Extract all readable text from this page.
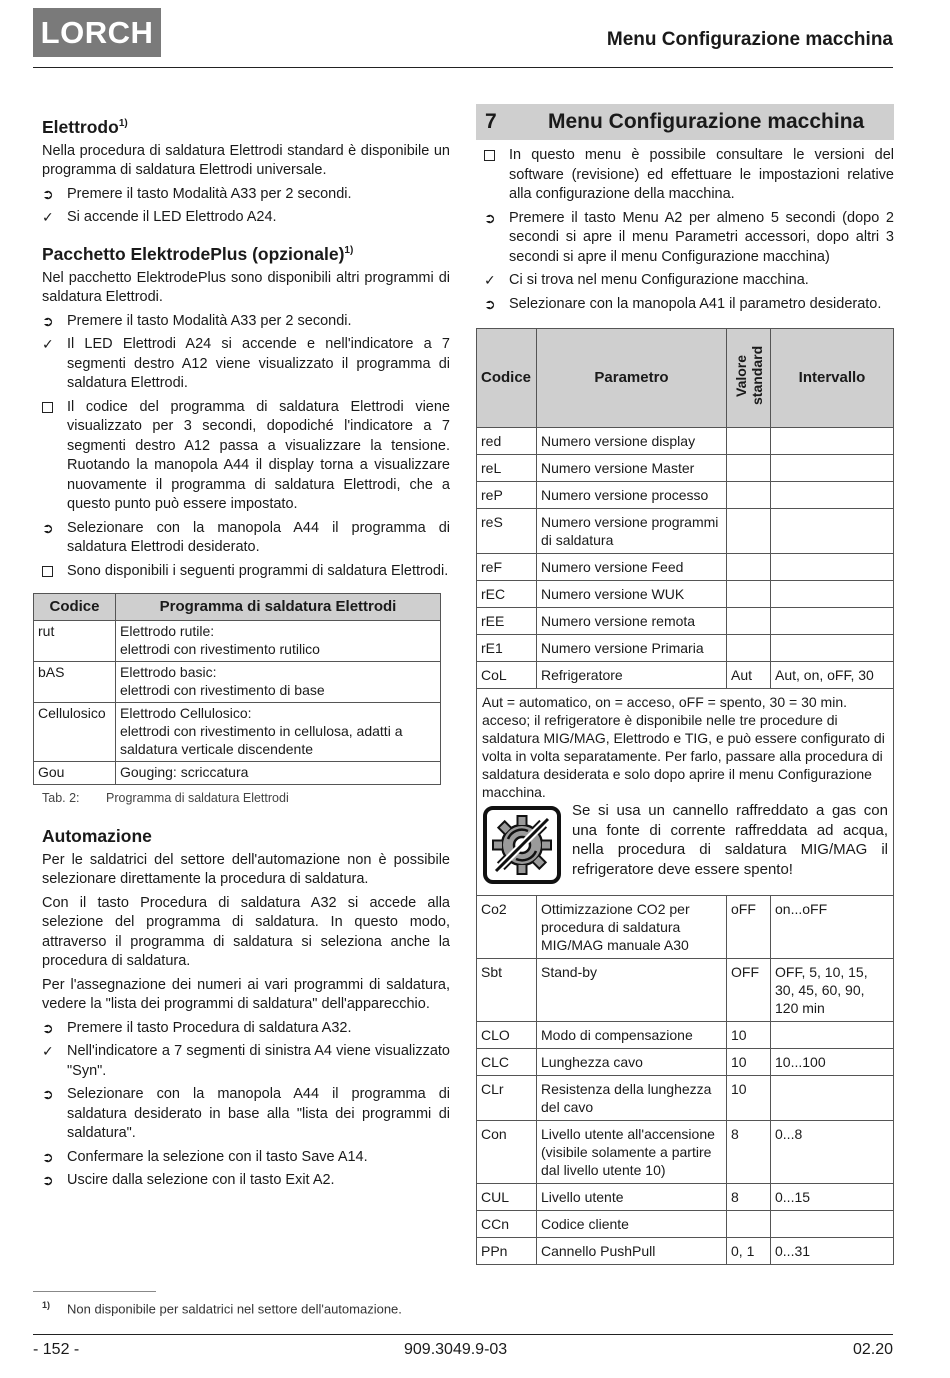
LORCH	Menu Configurazione macchina
Elettrodo$^{1)}$

Nella procedura di saldatura Elettrodi standard è disponibile un programma di saldatura Elettrodi universale.

➲ Premere il tasto Modalità A33 per 2 secondi.
✓ Si accende il LED Elettrodo A24.
Pacchetto ElektrodePlus (opzionale)$^{1)}$

Nel pacchetto ElektrodePlus sono disponibili altri programmi di saldatura Elettrodi.

➲ Premere il tasto Modalità A33 per 2 secondi.
✓ Il LED Elettrodi A24 si accende e nell'indicatore a 7 segmenti destro A12 viene visualizzato il programma di saldatura Elettrodi.
Il codice del programma di saldatura Elettrodi viene visualizzato per 3 secondi, dopodiché l'indicatore a 7 segmenti destro A12 passa a visualizzare la tensione. Ruotando la manopola A44 il display torna a visualizzare nuovamente il programma di saldatura Elettrodi, che a questo punto può essere impostato.
➲ Selezionare con la manopola A44 il programma di saldatura Elettrodi desiderato.
Sono disponibili i seguenti programmi di saldatura Elettrodi.
Codice	Programma di saldatura Elettrodi
rut	Elettrodo rutile:
elettrodi con rivestimento rutilico

bAS	Elettrodo basic:
elettrodi con rivestimento di base

Cellulosico	Elettrodo Cellulosico:
elettrodi con rivestimento in cellulosa, adatti a saldatura verticale discendente

Gou	Gouging: scriccatura
Tab. 2: Programma di saldatura Elettrodi
Automazione

Per le saldatrici del settore dell'automazione non è possibile selezionare direttamente la procedura di saldatura.

Con il tasto Procedura di saldatura A32 si accede alla selezione del programma di saldatura. In questo modo, attraverso il programma di saldatura si seleziona anche la procedura di saldatura.

Per l'assegnazione dei numeri ai vari programmi di saldatura, vedere la "lista dei programmi di saldatura" dell'apparecchio.

➲ Premere il tasto Procedura di saldatura A32.
✓ Nell'indicatore a 7 segmenti di sinistra A4 viene visualizzato "Syn".
➲ Selezionare con la manopola A44 il programma di saldatura desiderato in base alla "lista dei programmi di saldatura".
➲ Confermare la selezione con il tasto Save A14.
➲ Uscire dalla selezione con il tasto Exit A2.
7	Menu Configurazione macchina
In questo menu è possibile consultare le versioni del software (revisione) ed effettuare le impostazioni relative alla configurazione della macchina.
➲ Premere il tasto Menu A2 per almeno 5 secondi (dopo 2 secondi si apre il menu Parametri accessori, dopo altri 3 secondi si apre il menu Configurazione macchina)
✓ Ci si trova nel menu Configurazione macchina.
➲ Selezionare con la manopola A41 il parametro desiderato.
Codice	Parametro	Valore standard	Intervallo
red	Numero versione display		
reL	Numero versione Master		
reP	Numero versione processo		
reS	Numero versione programmi di saldatura		
reF	Numero versione Feed		
rEC	Numero versione WUK		
rEE	Numero versione remota		
rE1	Numero versione Primaria		
CoL	Refrigeratore	Aut	Aut, on, oFF, 30

Aut = automatico, on = acceso, oFF = spento, 30 = 30 min. acceso; il refrigeratore è disponibile nelle tre procedure di saldatura MIG/MAG, Elettrodo e TIG, e può essere configurato di volta in volta separatamente. Per farlo, passare alla procedura di saldatura desiderata e solo dopo aprire il menu Configurazione macchina.
Se si usa un cannello raffreddato a gas con una fonte di corrente raffreddata ad acqua, nella procedura di saldatura MIG/MAG il refrigeratore deve essere spento!			

Co2	Ottimizzazione CO2 per procedura di saldatura MIG/MAG manuale A30	oFF	on...oFF
Sbt	Stand-by	OFF	OFF, 5, 10, 15, 30, 45, 60, 90, 120 min
CLO	Modo di compensazione	10	
CLC	Lunghezza cavo	10	10...100
CLr	Resistenza della lunghezza del cavo	10	
Con	Livello utente all'accensione (visibile solamente a partire dal livello utente 10)	8	0...8
CUL	Livello utente	8	0...15
CCn	Codice cliente		
PPn	Cannello PushPull	0, 1	0...31
$^{1)}$ Non disponibile per saldatrici nel settore dell'automazione.
- 152 -	909.3049.9-03	02.20
